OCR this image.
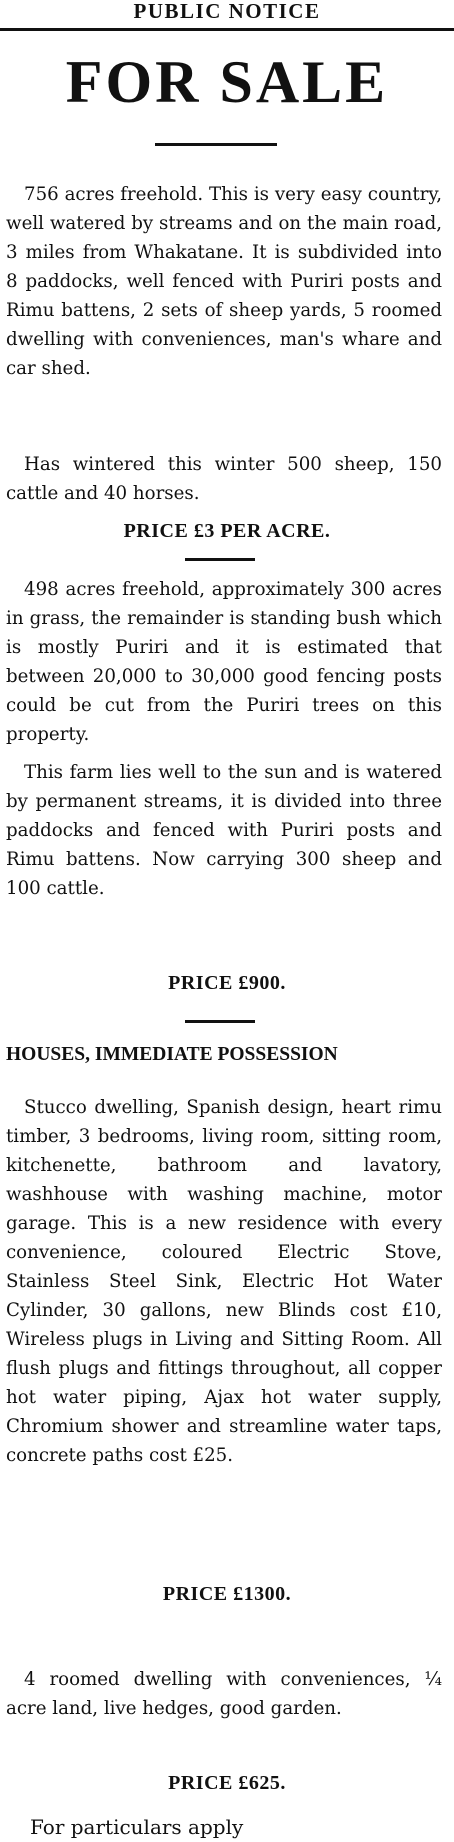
PUBLIC NOTICE
FOR SALE

756 acres freehold. This is very easy country, well watered by streams and on the main road, 3 miles from Whakatane. It is subdivided into 8 paddocks, well fenced with Puriri posts and Rimu battens, 2 sets of sheep yards, 5 roomed dwelling with conveniences, man's whare and car shed.

Has wintered this winter 500 sheep, 150 cattle and 40 horses.

PRICE £3 PER ACRE.

498 acres freehold, approximately 300 acres in grass, the remainder is standing bush which is mostly Puriri and it is estimated that between 20,000 to 30,000 good fencing posts could be cut from the Puriri trees on this property.

This farm lies well to the sun and is watered by permanent streams, it is divided into three paddocks and fenced with Puriri posts and Rimu battens. Now carrying 300 sheep and 100 cattle.

PRICE £900.
HOUSES, IMMEDIATE POSSESSION

Stucco dwelling, Spanish design, heart rimu timber, 3 bedrooms, living room, sitting room, kitchenette, bathroom and lavatory, washhouse with washing machine, motor garage. This is a new residence with every convenience, coloured Electric Stove, Stainless Steel Sink, Electric Hot Water Cylinder, 30 gallons, new Blinds cost £10, Wireless plugs in Living and Sitting Room. All flush plugs and fittings throughout, all copper hot water piping, Ajax hot water supply, Chromium shower and streamline water taps, concrete paths cost £25.

PRICE £1300.

4 roomed dwelling with conveniences, ¼ acre land, live hedges, good garden.

PRICE £625.
For particulars apply
